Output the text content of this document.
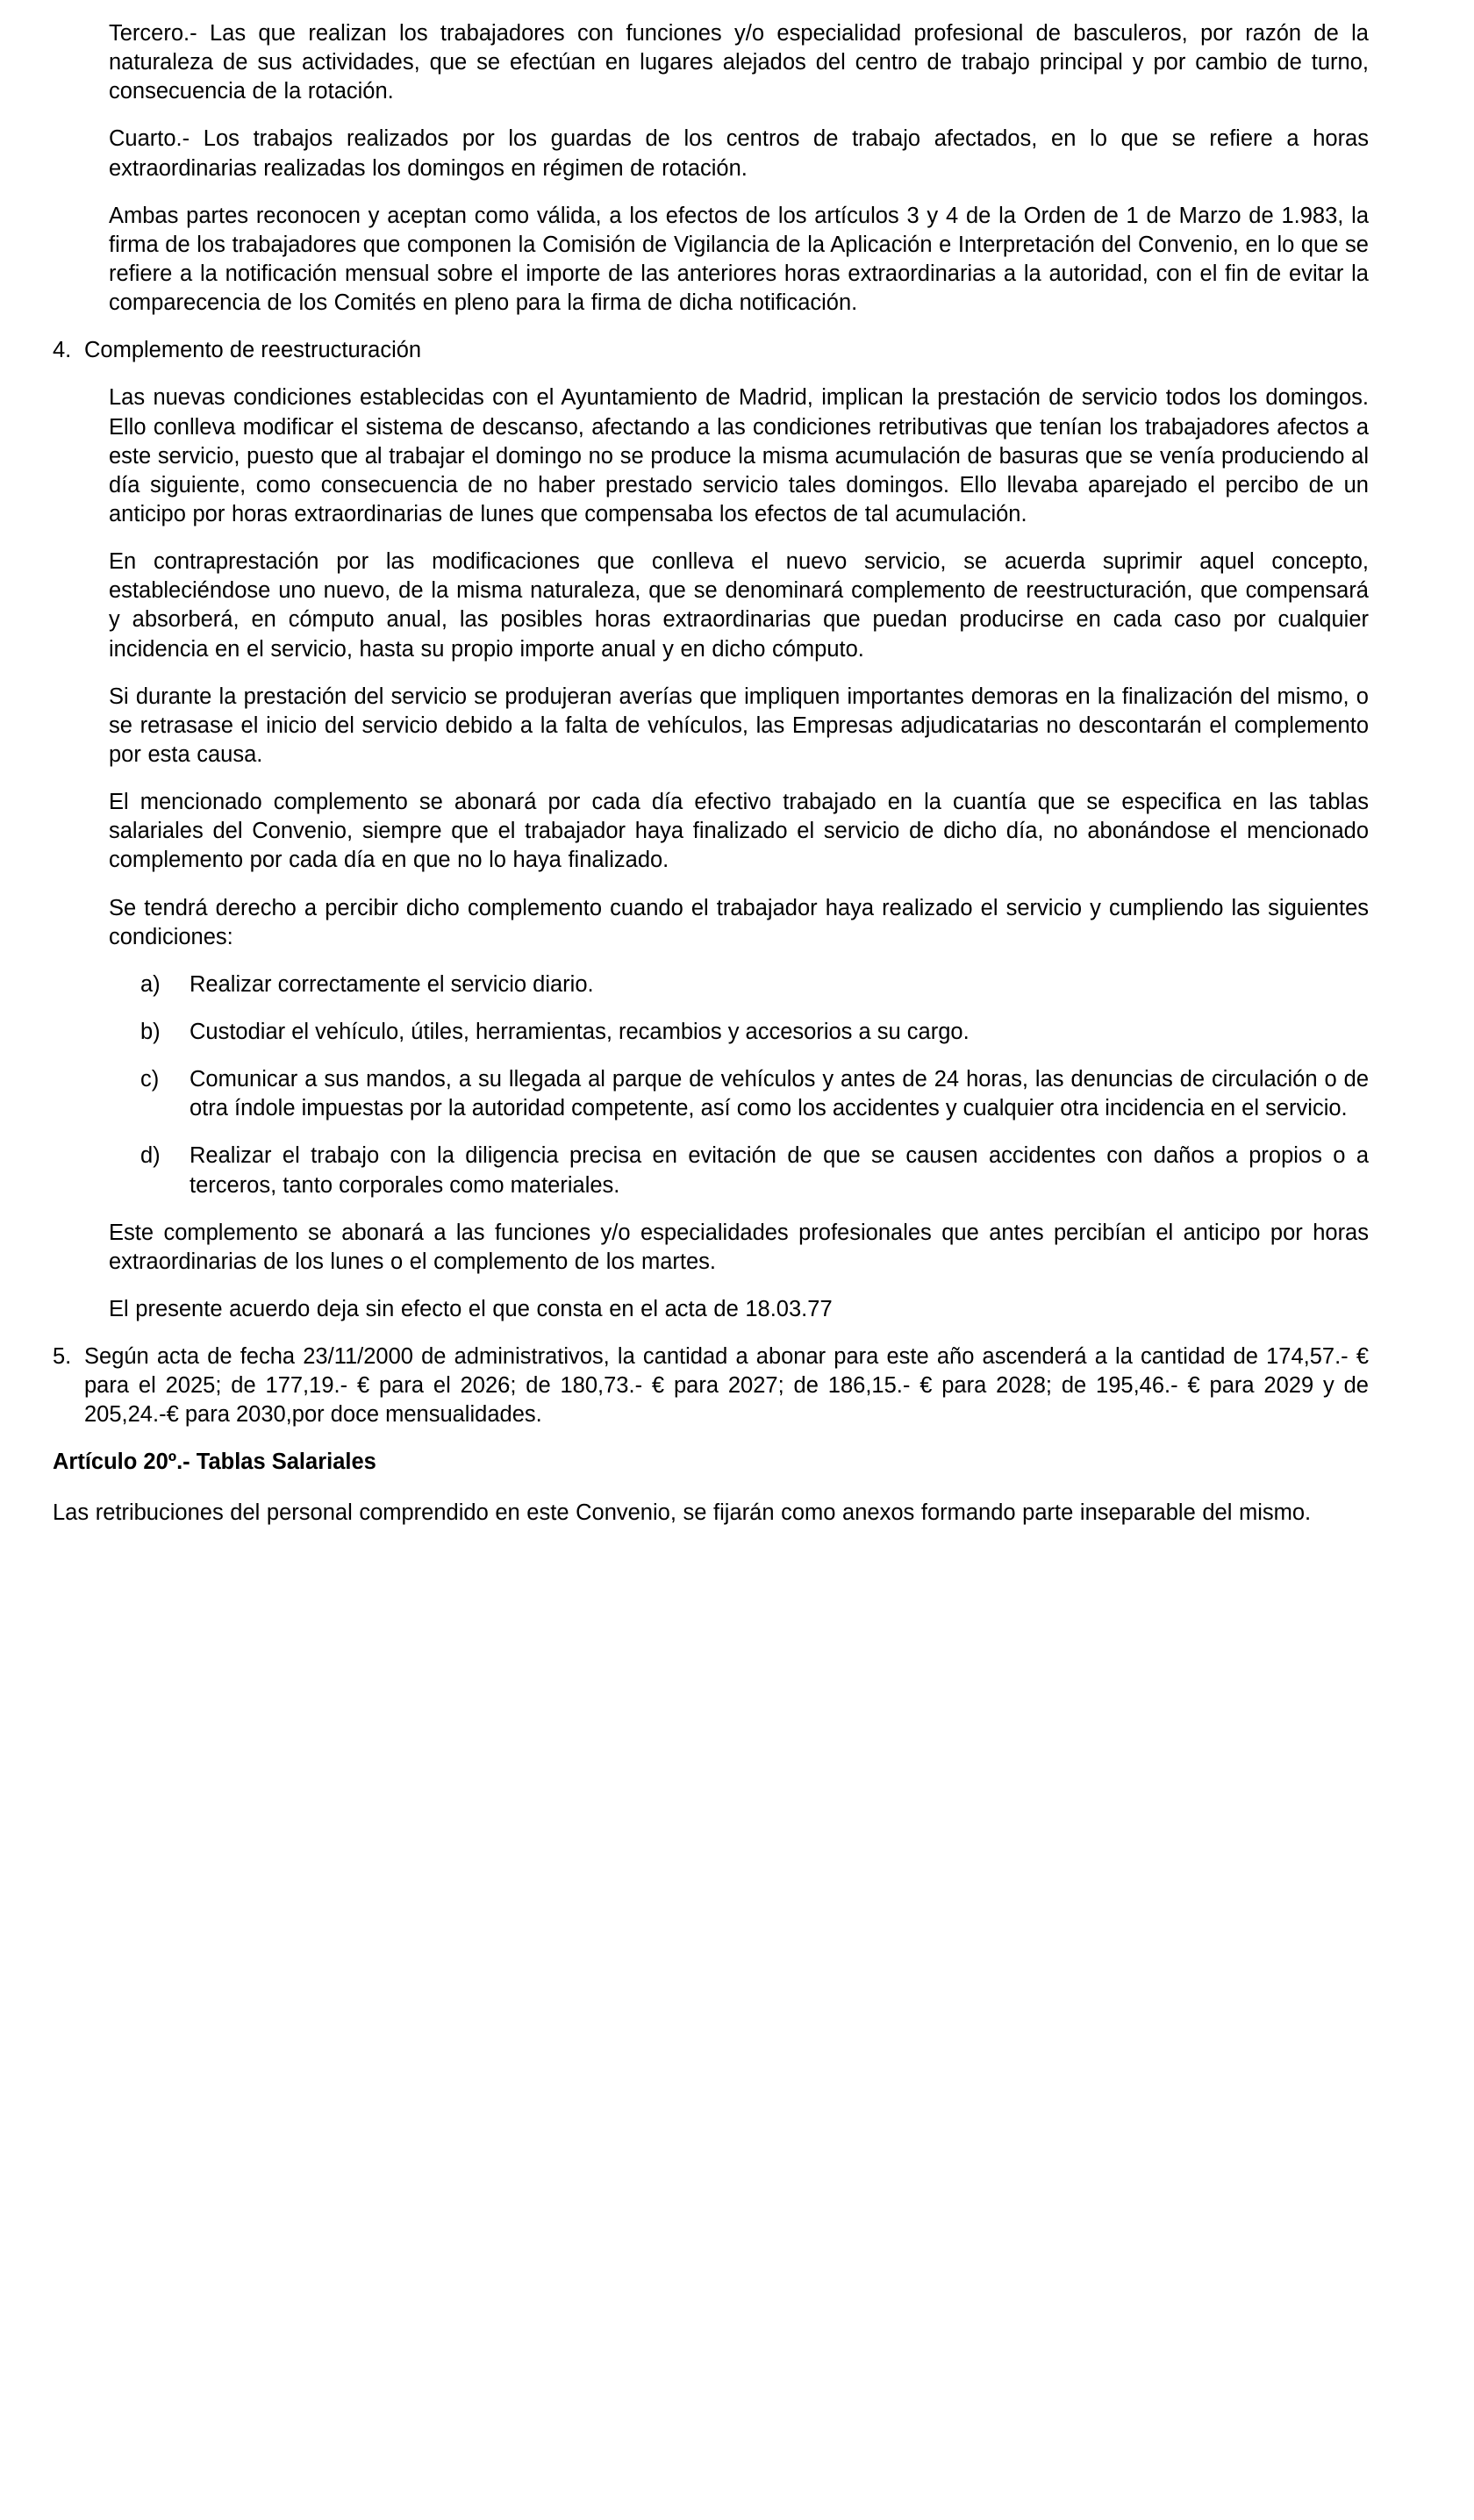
Tercero.- Las que realizan los trabajadores con funciones y/o especialidad profesional de basculeros, por razón de la naturaleza de sus actividades, que se efectúan en lugares alejados del centro de trabajo principal y por cambio de turno, consecuencia de la rotación.

Cuarto.- Los trabajos realizados por los guardas de los centros de trabajo afectados, en lo que se refiere a horas extraordinarias realizadas los domingos en régimen de rotación.

Ambas partes reconocen y aceptan como válida, a los efectos de los artículos 3 y 4 de la Orden de 1 de Marzo de 1.983, la firma de los trabajadores que componen la Comisión de Vigilancia de la Aplicación e Interpretación del Convenio, en lo que se refiere a la notificación mensual sobre el importe de las anteriores horas extraordinarias a la autoridad, con el fin de evitar la comparecencia de los Comités en pleno para la firma de dicha notificación.

4. Complemento de reestructuración

Las nuevas condiciones establecidas con el Ayuntamiento de Madrid, implican la prestación de servicio todos los domingos. Ello conlleva modificar el sistema de descanso, afectando a las condiciones retributivas que tenían los trabajadores afectos a este servicio, puesto que al trabajar el domingo no se produce la misma acumulación de basuras que se venía produciendo al día siguiente, como consecuencia de no haber prestado servicio tales domingos. Ello llevaba aparejado el percibo de un anticipo por horas extraordinarias de lunes que compensaba los efectos de tal acumulación.

En contraprestación por las modificaciones que conlleva el nuevo servicio, se acuerda suprimir aquel concepto, estableciéndose uno nuevo, de la misma naturaleza, que se denominará complemento de reestructuración, que compensará y absorberá, en cómputo anual, las posibles horas extraordinarias que puedan producirse en cada caso por cualquier incidencia en el servicio, hasta su propio importe anual y en dicho cómputo.

Si durante la prestación del servicio se produjeran averías que impliquen importantes demoras en la finalización del mismo, o se retrasase el inicio del servicio debido a la falta de vehículos, las Empresas adjudicatarias no descontarán el complemento por esta causa.

El mencionado complemento se abonará por cada día efectivo trabajado en la cuantía que se especifica en las tablas salariales del Convenio, siempre que el trabajador haya finalizado el servicio de dicho día, no abonándose el mencionado complemento por cada día en que no lo haya finalizado.

Se tendrá derecho a percibir dicho complemento cuando el trabajador haya realizado el servicio y cumpliendo las siguientes condiciones:

a)	Realizar correctamente el servicio diario.
b)	Custodiar el vehículo, útiles, herramientas, recambios y accesorios a su cargo.
c)	Comunicar a sus mandos, a su llegada al parque de vehículos y antes de 24 horas, las denuncias de circulación o de otra índole impuestas por la autoridad competente, así como los accidentes y cualquier otra incidencia en el servicio.
d)	Realizar el trabajo con la diligencia precisa en evitación de que se causen accidentes con daños a propios o a terceros, tanto corporales como materiales.

Este complemento se abonará a las funciones y/o especialidades profesionales que antes percibían el anticipo por horas extraordinarias de los lunes o el complemento de los martes.

El presente acuerdo deja sin efecto el que consta en el acta de 18.03.77

5. Según acta de fecha 23/11/2000 de administrativos, la cantidad a abonar para este año ascenderá a la cantidad de 174,57.- € para el 2025; de 177,19.- € para el 2026; de 180,73.- € para 2027; de 186,15.- € para 2028; de 195,46.- € para 2029 y de 205,24.-€ para 2030,por doce mensualidades.
Artículo 20º.- Tablas Salariales

Las retribuciones del personal comprendido en este Convenio, se fijarán como anexos formando parte inseparable del mismo.
